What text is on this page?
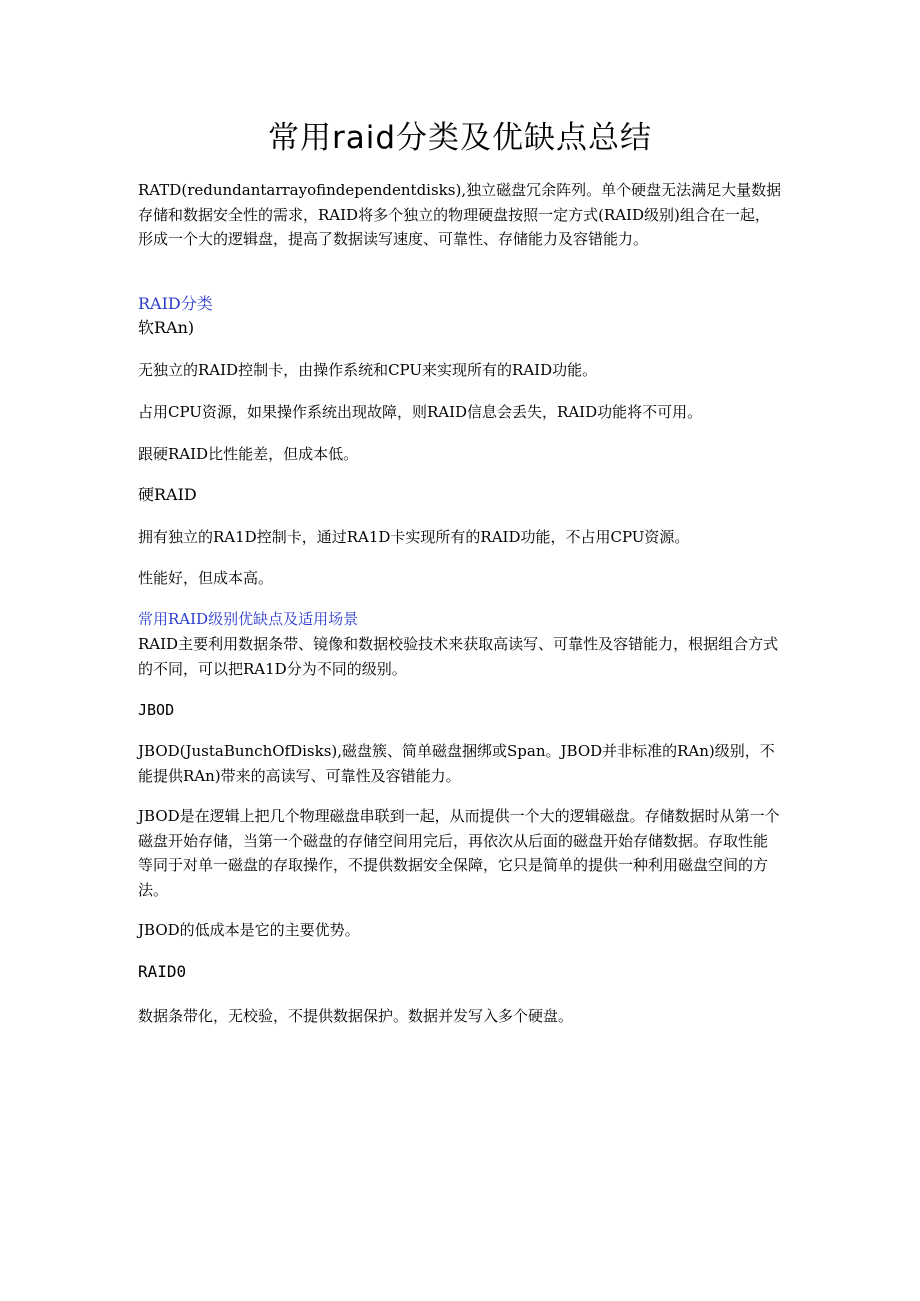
常用raid分类及优缺点总结

RATD(redundantarrayofindependentdisks),独立磁盘冗余阵列。单个硬盘无法满足大量数据存储和数据安全性的需求，RAID将多个独立的物理硬盘按照一定方式(RAID级别)组合在一起，形成一个大的逻辑盘，提高了数据读写速度、可靠性、存储能力及容错能力。

RAID分类
软RAn)

无独立的RAID控制卡，由操作系统和CPU来实现所有的RAID功能。

占用CPU资源，如果操作系统出现故障，则RAID信息会丢失，RAID功能将不可用。

跟硬RAID比性能差，但成本低。

硬RAID

拥有独立的RA1D控制卡，通过RA1D卡实现所有的RAID功能，不占用CPU资源。

性能好，但成本高。

常用RAID级别优缺点及适用场景

RAID主要利用数据条带、镜像和数据校验技术来获取高读写、可靠性及容错能力，根据组合方式的不同，可以把RA1D分为不同的级别。

JBOD

JBOD(JustaBunchOfDisks),磁盘簇、简单磁盘捆绑或Span。JBOD并非标准的RAn)级别，不能提供RAn)带来的高读写、可靠性及容错能力。

JBOD是在逻辑上把几个物理磁盘串联到一起，从而提供一个大的逻辑磁盘。存储数据时从第一个磁盘开始存储，当第一个磁盘的存储空间用完后，再依次从后面的磁盘开始存储数据。存取性能等同于对单一磁盘的存取操作，不提供数据安全保障，它只是简单的提供一种利用磁盘空间的方法。

JBOD的低成本是它的主要优势。

RAID0

数据条带化，无校验，不提供数据保护。数据并发写入多个硬盘。
